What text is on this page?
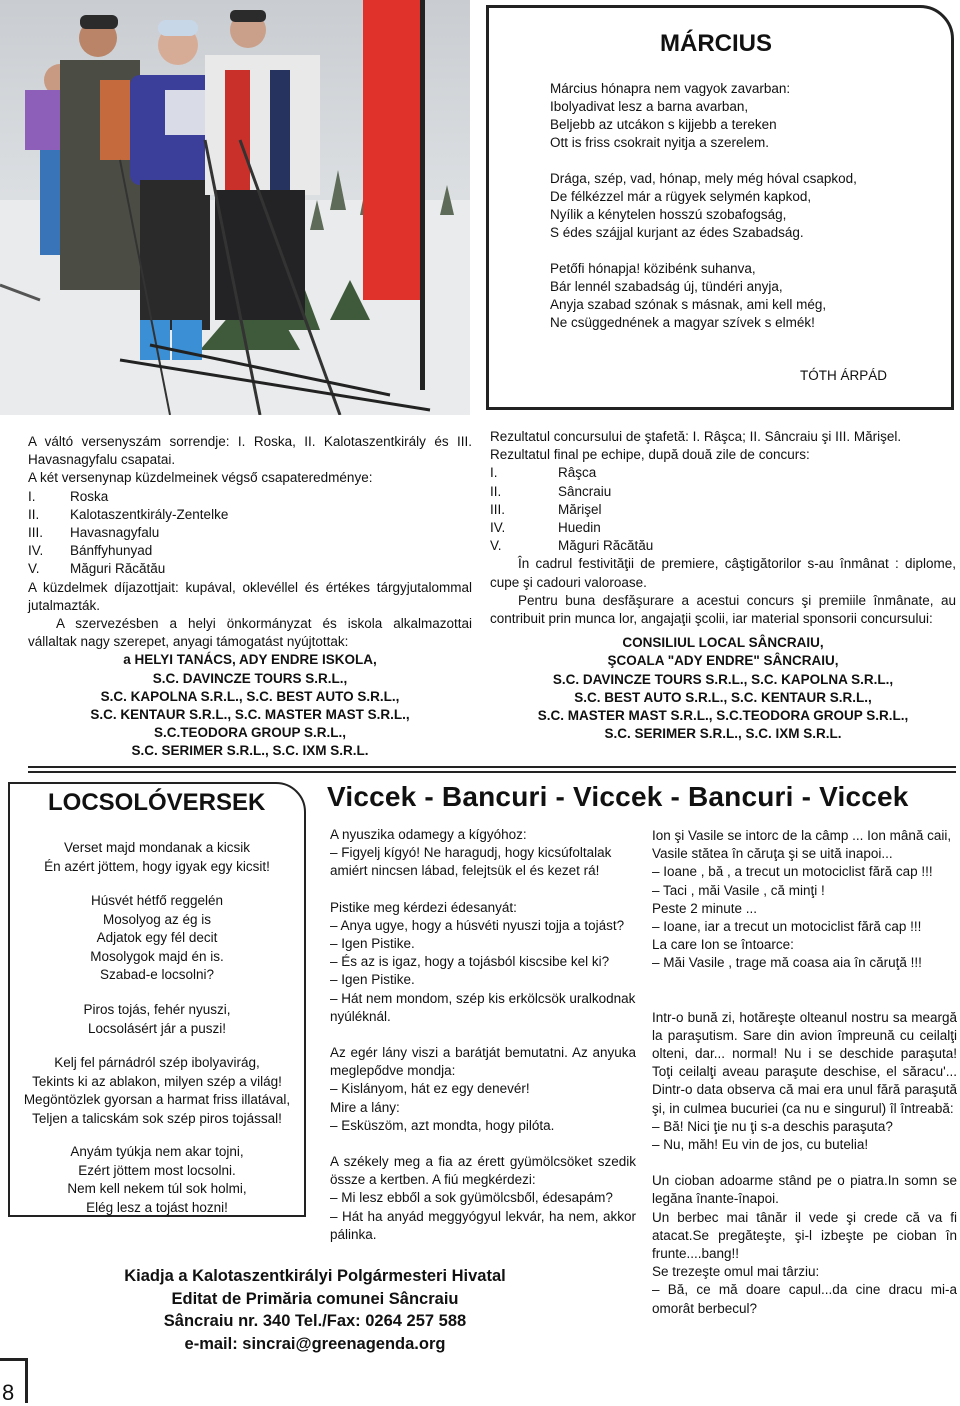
MÁRCIUS

Március hónapra nem vagyok zavarban:

Ibolyadivat lesz a barna avarban,

Beljebb az utcákon s kijjebb a tereken

Ott is friss csokrait nyitja a szerelem.

Drága, szép, vad, hónap, mely még hóval csapkod,

De félkézzel már a rügyek selymén kapkod,

Nyílik a kénytelen hosszú szobafogság,

S édes szájjal kurjant az édes Szabadság.

Petőfi hónapja! közibénk suhanva,

Bár lennél szabadság új, tündéri anyja,

Anyja szabad szónak s másnak, ami kell még,

Ne csüggednének a magyar szívek s elmék!

TÓTH ÁRPÁD

A váltó versenyszám sorrendje: I. Roska, II. Kalotaszentkirály és III. Havasnagyfalu csapatai.

A két versenynap küzdelmeinek végső csapateredménye:

I.	Roska
II.	Kalotaszentkirály-Zentelke
III.	Havasnagyfalu
IV.	Bánffyhunyad
V.	Măguri Răcătău

A küzdelmek díjazottjait: kupával, oklevéllel és értékes tárgyjutalommal jutalmazták.

A szervezésben a helyi önkormányzat és iskola alkalmazottai vállaltak nagy szerepet, anyagi támogatást nyújtottak:

a HELYI TANÁCS, ADY ENDRE ISKOLA,

S.C. DAVINCZE TOURS S.R.L.,

S.C. KAPOLNA S.R.L., S.C. BEST AUTO S.R.L.,

S.C. KENTAUR S.R.L., S.C. MASTER MAST S.R.L.,

S.C.TEODORA GROUP S.R.L.,

S.C. SERIMER S.R.L., S.C. IXM S.R.L.

Rezultatul concursului de ştafetă: I. Râşca; II. Sâncraiu şi III. Mărişel.

Rezultatul final pe echipe, după două zile de concurs:

I.	Râşca
II.	Sâncraiu
III.	Mărişel
IV.	Huedin
V.	Măguri Răcătău

În cadrul festivităţii de premiere, câştigătorilor s-au înmânat : diplome, cupe şi cadouri valoroase.

Pentru buna desfăşurare a acestui concurs şi premiile înmânate, au contribuit prin munca lor, angajaţii şcolii, iar material sponsorii concursului:

CONSILIUL LOCAL SÂNCRAIU,

ŞCOALA "ADY ENDRE" SÂNCRAIU,

S.C. DAVINCZE TOURS S.R.L., S.C. KAPOLNA S.R.L.,

S.C. BEST AUTO S.R.L., S.C. KENTAUR S.R.L.,

S.C. MASTER MAST S.R.L., S.C.TEODORA GROUP S.R.L.,

S.C. SERIMER S.R.L., S.C. IXM S.R.L.

LOCSOLÓVERSEK

Verset majd mondanak a kicsik

Én azért jöttem, hogy igyak egy kicsit!

Húsvét hétfő reggelén

Mosolyog az ég is

Adjatok egy fél decit

Mosolygok majd én is.

Szabad-e locsolni?

Piros tojás, fehér nyuszi,

Locsolásért jár a puszi!

Kelj fel párnádról szép ibolyavirág,

Tekints ki az ablakon, milyen szép a világ!

Megöntözlek gyorsan a harmat friss illatával,

Teljen a talicskám sok szép piros tojással!

Anyám tyúkja nem akar tojni,

Ezért jöttem most locsolni.

Nem kell nekem túl sok holmi,

Elég lesz a tojást hozni!

Viccek - Bancuri - Viccek - Bancuri - Viccek

A nyuszika odamegy a kígyóhoz:

– Figyelj kígyó! Ne haragudj, hogy kicsúfoltalak amiért nincsen lábad, felejtsük el és kezet rá!

Pistike meg kérdezi édesanyát:

– Anya ugye, hogy a húsvéti nyuszi tojja a tojást?

– Igen Pistike.

– És az is igaz, hogy a tojásból kiscsibe kel ki?

– Igen Pistike.

– Hát nem mondom, szép kis erkölcsök uralkodnak nyúléknál.

Az egér lány viszi a barátját bemutatni. Az anyuka meglepődve mondja:

– Kislányom, hát ez egy denevér!

Mire a lány:

– Esküszöm, azt mondta, hogy pilóta.

A székely meg a fia az érett gyümölcsöket szedik össze a kertben. A fiú megkérdezi:

– Mi lesz ebből a sok gyümölcsből, édesapám?

– Hát ha anyád meggyógyul lekvár, ha nem, akkor pálinka.

Ion şi Vasile se intorc de la câmp ... Ion mână caii, Vasile stătea în căruţa şi se uită inapoi...

– Ioane , bă , a trecut un motociclist fără cap !!!

– Taci , măi Vasile , că minţi !

Peste 2 minute ...

– Ioane, iar a trecut un motociclist fără cap !!!

La care Ion se întoarce:

– Măi Vasile , trage mă coasa aia în căruţă !!!

Intr-o bună zi, hotăreşte olteanul nostru sa meargă la paraşutism. Sare din avion împreună cu ceilalţi olteni, dar... normal! Nu i se deschide paraşuta! Toţi ceilalţi aveau paraşute deschise, el săracu'... Dintr-o data observa că mai era unul fără paraşută şi, in culmea bucuriei (ca nu e singurul) îl întreabă:

– Bă! Nici ţie nu ţi s-a deschis paraşuta?

– Nu, măh! Eu vin de jos, cu butelia!

Un cioban adoarme stând pe o piatra.In somn se legăna înante-înapoi.

Un berbec mai tânăr il vede şi crede că va fi atacat.Se pregăteşte, şi-l izbeşte pe cioban în frunte....bang!!

Se trezeşte omul mai târziu:

– Bă, ce mă doare capul...da cine dracu mi-a omorât berbecul?

Kiadja a Kalotaszentkirályi Polgármesteri Hivatal

Editat de Primăria comunei Sâncraiu

Sâncraiu nr. 340 Tel./Fax: 0264 257 588

e-mail: sincrai@greenagenda.org

8
